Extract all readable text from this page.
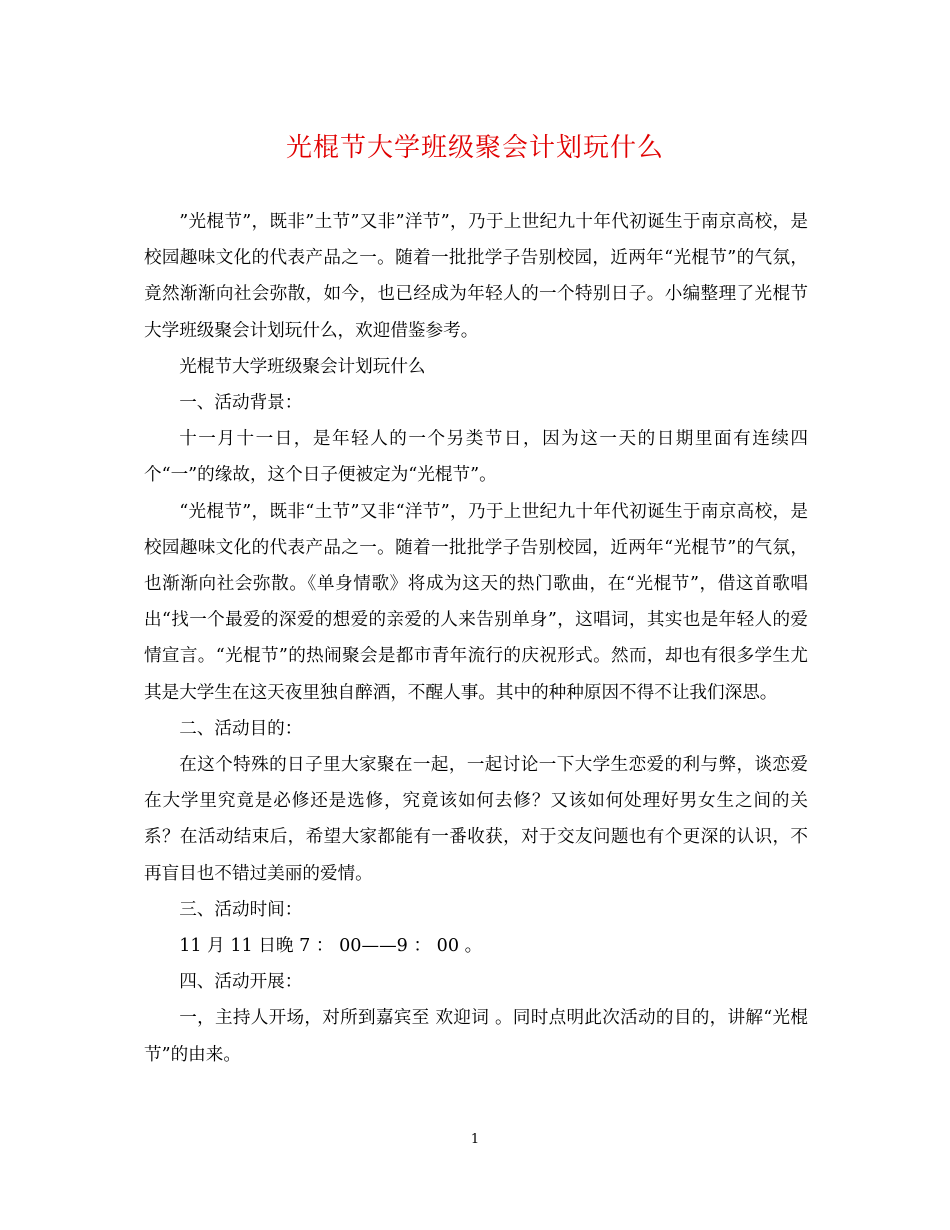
光棍节大学班级聚会计划玩什么

”光棍节”，既非”土节”又非”洋节”，乃于上世纪九十年代初诞生于南京高校，是校园趣味文化的代表产品之一。随着一批批学子告别校园，近两年“光棍节”的气氛，竟然渐渐向社会弥散，如今，也已经成为年轻人的一个特别日子。小编整理了光棍节大学班级聚会计划玩什么，欢迎借鉴参考。

光棍节大学班级聚会计划玩什么

一、活动背景：

十一月十一日，是年轻人的一个另类节日，因为这一天的日期里面有连续四个“一”的缘故，这个日子便被定为“光棍节”。

“光棍节”，既非“土节”又非“洋节”，乃于上世纪九十年代初诞生于南京高校，是校园趣味文化的代表产品之一。随着一批批学子告别校园，近两年“光棍节”的气氛，也渐渐向社会弥散。《单身情歌》将成为这天的热门歌曲，在“光棍节”，借这首歌唱出“找一个最爱的深爱的想爱的亲爱的人来告别单身”，这唱词，其实也是年轻人的爱情宣言。“光棍节”的热闹聚会是都市青年流行的庆祝形式。然而，却也有很多学生尤其是大学生在这天夜里独自醉酒，不醒人事。其中的种种原因不得不让我们深思。

二、活动目的：

在这个特殊的日子里大家聚在一起，一起讨论一下大学生恋爱的利与弊，谈恋爱在大学里究竟是必修还是选修，究竟该如何去修？又该如何处理好男女生之间的关系？在活动结束后，希望大家都能有一番收获，对于交友问题也有个更深的认识，不再盲目也不错过美丽的爱情。

三、活动时间：

11 月 11 日晚 7 ： 00——9 ： 00 。

四、活动开展：

一，主持人开场，对所到嘉宾至 欢迎词 。同时点明此次活动的目的，讲解“光棍节”的由来。

1
